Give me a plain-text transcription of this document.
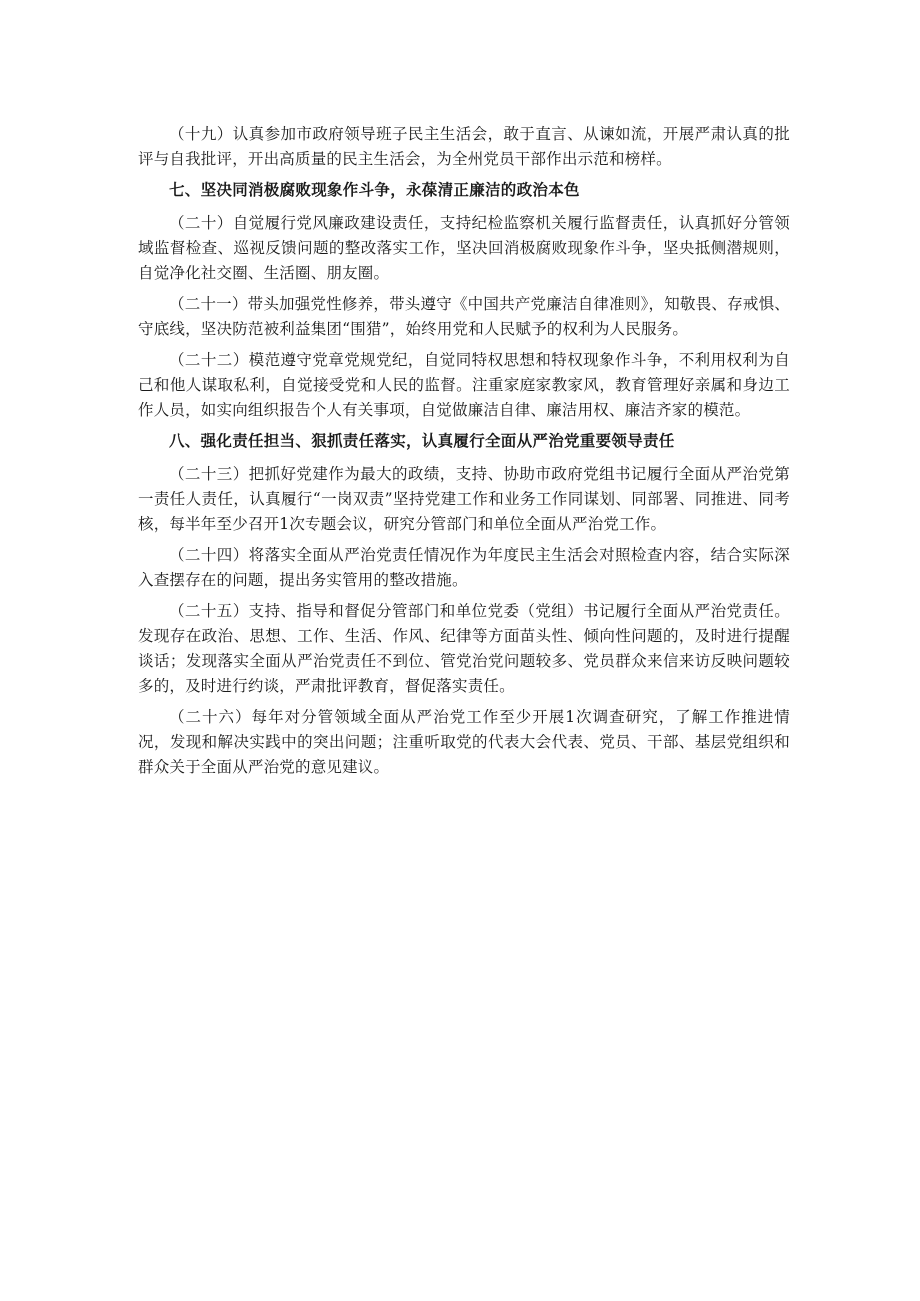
（十九）认真参加市政府领导班子民主生活会，敢于直言、从谏如流，开展严肃认真的批评与自我批评，开出高质量的民主生活会，为全州党员干部作出示范和榜样。

七、坚决同消极腐败现象作斗争，永葆清正廉洁的政治本色

（二十）自觉履行党风廉政建设责任，支持纪检监察机关履行监督责任，认真抓好分管领域监督检查、巡视反馈问题的整改落实工作，坚决回消极腐败现象作斗争，坚央抵侧潜规则，自觉净化社交圈、生活圈、朋友圈。

（二十一）带头加强党性修养，带头遵守《中国共产党廉洁自律准则》，知敬畏、存戒惧、守底线，坚决防范被利益集团“围猎”，始终用党和人民赋予的权利为人民服务。

（二十二）模范遵守党章党规党纪，自觉同特权思想和特权现象作斗争，不利用权利为自己和他人谋取私利，自觉接受党和人民的监督。注重家庭家教家风，教育管理好亲属和身边工作人员，如实向组织报告个人有关事项，自觉做廉洁自律、廉洁用权、廉洁齐家的模范。

八、强化责任担当、狠抓责任落实，认真履行全面从严治党重要领导责任

（二十三）把抓好党建作为最大的政绩，支持、协助市政府党组书记履行全面从严治党第一责任人责任，认真履行“一岗双责”坚持党建工作和业务工作同谋划、同部署、同推进、同考核，每半年至少召开1次专题会议，研究分管部门和单位全面从严治党工作。

（二十四）将落实全面从严治党责任情况作为年度民主生活会对照检查内容，结合实际深入查摆存在的问题，提出务实管用的整改措施。

（二十五）支持、指导和督促分管部门和单位党委（党组）书记履行全面从严治党责任。发现存在政治、思想、工作、生活、作风、纪律等方面苗头性、倾向性问题的，及时进行提醒谈话；发现落实全面从严治党责任不到位、管党治党问题较多、党员群众来信来访反映问题较多的，及时进行约谈，严肃批评教育，督促落实责任。

（二十六）每年对分管领域全面从严治党工作至少开展1次调查研究，了解工作推进情况，发现和解决实践中的突出问题；注重听取党的代表大会代表、党员、干部、基层党组织和群众关于全面从严治党的意见建议。
